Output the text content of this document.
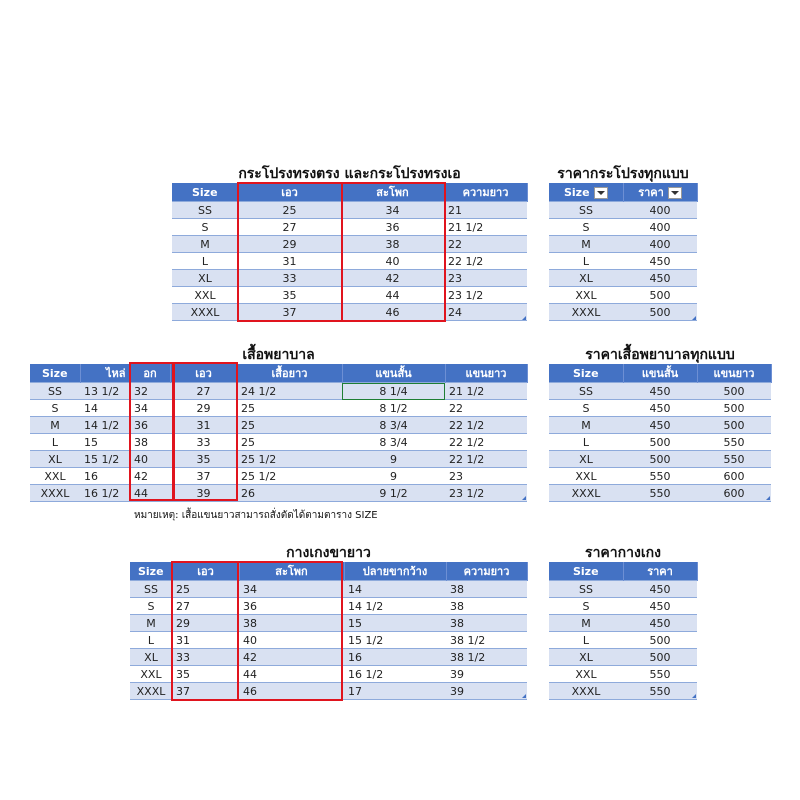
กระโปรงทรงตรง และกระโปรงทรงเอ
Size	เอว	สะโพก	ความยาว
SS	25	34	21
S	27	36	21 1/2
M	29	38	22
L	31	40	22 1/2
XL	33	42	23
XXL	35	44	23 1/2
XXXL	37	46	24
ราคากระโปรงทุกแบบ
Size	ราคา
SS	400
S	400
M	400
L	450
XL	450
XXL	500
XXXL	500
เสื้อพยาบาล
Size	ไหล่	อก	เอว	เสื้อยาว	แขนสั้น	แขนยาว
SS	13 1/2	32	27	24 1/2	8 1/4	21 1/2
S	14	34	29	25	8 1/2	22
M	14 1/2	36	31	25	8 3/4	22 1/2
L	15	38	33	25	8 3/4	22 1/2
XL	15 1/2	40	35	25 1/2	9	22 1/2
XXL	16	42	37	25 1/2	9	23
XXXL	16 1/2	44	39	26	9 1/2	23 1/2
หมายเหตุ: เสื้อแขนยาวสามารถสั่งตัดได้ตามตาราง SIZE
ราคาเสื้อพยาบาลทุกแบบ
Size	แขนสั้น	แขนยาว
SS	450	500
S	450	500
M	450	500
L	500	550
XL	500	550
XXL	550	600
XXXL	550	600
กางเกงขายาว
Size	เอว	สะโพก	ปลายขากว้าง	ความยาว
SS	25	34	14	38
S	27	36	14 1/2	38
M	29	38	15	38
L	31	40	15 1/2	38 1/2
XL	33	42	16	38 1/2
XXL	35	44	16 1/2	39
XXXL	37	46	17	39
ราคากางเกง
Size	ราคา
SS	450
S	450
M	450
L	500
XL	500
XXL	550
XXXL	550
